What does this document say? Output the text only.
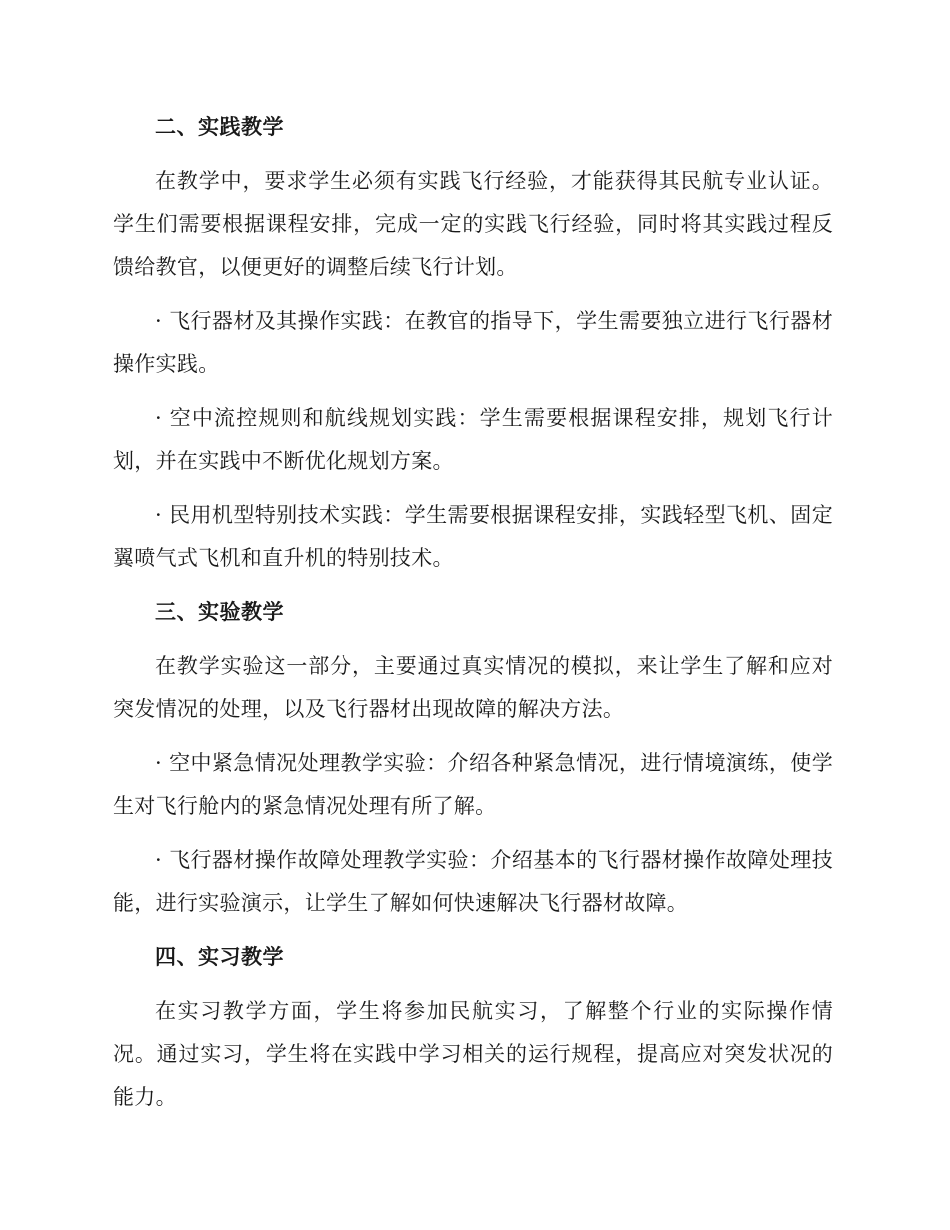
二、实践教学

在教学中，要求学生必须有实践飞行经验，才能获得其民航专业认证。学生们需要根据课程安排，完成一定的实践飞行经验，同时将其实践过程反馈给教官，以便更好的调整后续飞行计划。

· 飞行器材及其操作实践：在教官的指导下，学生需要独立进行飞行器材操作实践。

· 空中流控规则和航线规划实践：学生需要根据课程安排，规划飞行计划，并在实践中不断优化规划方案。

· 民用机型特别技术实践：学生需要根据课程安排，实践轻型飞机、固定翼喷气式飞机和直升机的特别技术。

三、实验教学

在教学实验这一部分，主要通过真实情况的模拟，来让学生了解和应对突发情况的处理，以及飞行器材出现故障的解决方法。

· 空中紧急情况处理教学实验：介绍各种紧急情况，进行情境演练，使学生对飞行舱内的紧急情况处理有所了解。

· 飞行器材操作故障处理教学实验：介绍基本的飞行器材操作故障处理技能，进行实验演示，让学生了解如何快速解决飞行器材故障。

四、实习教学

在实习教学方面，学生将参加民航实习，了解整个行业的实际操作情况。通过实习，学生将在实践中学习相关的运行规程，提高应对突发状况的能力。
